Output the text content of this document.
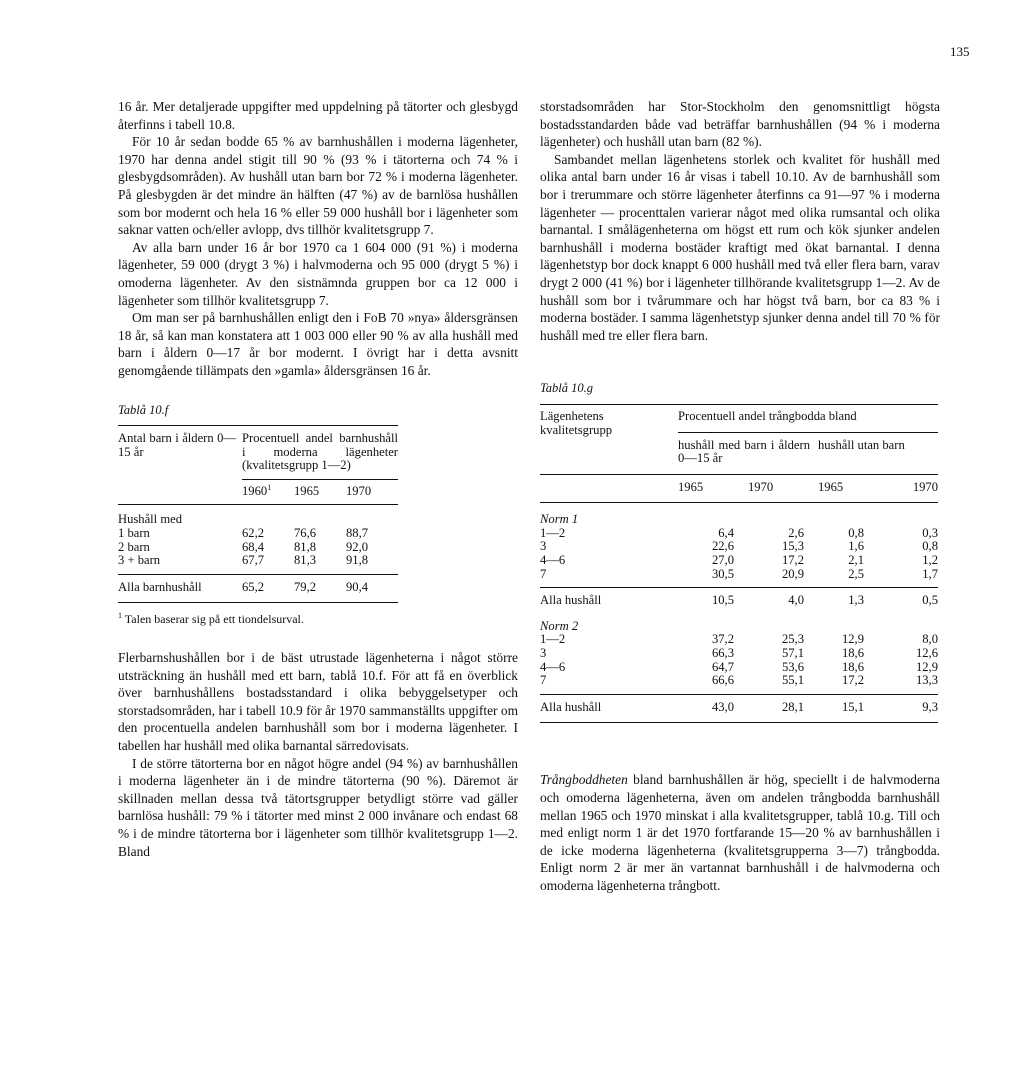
135

16 år. Mer detaljerade uppgifter med uppdelning på tätorter och glesbygd återfinns i tabell 10.8.

För 10 år sedan bodde 65 % av barnhushållen i moderna lägenheter, 1970 har denna andel stigit till 90 % (93 % i tätorterna och 74 % i glesbygdsområden). Av hushåll utan barn bor 72 % i moderna lägenheter. På glesbygden är det mindre än hälften (47 %) av de barnlösa hushållen som bor modernt och hela 16 % eller 59 000 hushåll bor i lägenheter som saknar vatten och/eller avlopp, dvs tillhör kvalitetsgrupp 7.

Av alla barn under 16 år bor 1970 ca 1 604 000 (91 %) i moderna lägenheter, 59 000 (drygt 3 %) i halvmoderna och 95 000 (drygt 5 %) i omoderna lägenheter. Av den sistnämnda gruppen bor ca 12 000 i lägenheter som tillhör kvalitetsgrupp 7.

Om man ser på barnhushållen enligt den i FoB 70 »nya» åldersgränsen 18 år, så kan man konstatera att 1 003 000 eller 90 % av alla hushåll med barn i åldern 0—17 år bor modernt. I övrigt har i detta avsnitt genomgående tillämpats den »gamla» åldersgränsen 16 år.

Tablå 10.f
Antal barn i åldern 0—15 år	Procentuell andel barnhushåll i moderna lägenheter (kvalitetsgrupp 1—2)		
	1960$^1$	1965	1970

Hushåll med			
1 barn	62,2	76,6	88,7
2 barn	68,4	81,8	92,0
3 + barn	67,7	81,3	91,8
Alla barnhushåll	65,2	79,2	90,4
$^1$ Talen baserar sig på ett tiondelsurval.

Flerbarnshushållen bor i de bäst utrustade lägenheterna i något större utsträckning än hushåll med ett barn, tablå 10.f. För att få en överblick över barnhushållens bostadsstandard i olika bebyggelsetyper och storstadsområden, har i tabell 10.9 för år 1970 sammanställts uppgifter om den procentuella andelen barnhushåll som bor i moderna lägenheter. I tabellen har hushåll med olika barnantal särredovisats.

I de större tätorterna bor en något högre andel (94 %) av barnhushållen i moderna lägenheter än i de mindre tätorterna (90 %). Däremot är skillnaden mellan dessa två tätortsgrupper betydligt större vad gäller barnlösa hushåll: 79 % i tätorter med minst 2 000 invånare och endast 68 % i de mindre tätorterna bor i lägenheter som tillhör kvalitetsgrupp 1—2. Bland

storstadsområden har Stor-Stockholm den genomsnittligt högsta bostadsstandarden både vad beträffar barnhushållen (94 % i moderna lägenheter) och hushåll utan barn (82 %).

Sambandet mellan lägenhetens storlek och kvalitet för hushåll med olika antal barn under 16 år visas i tabell 10.10. Av de barnhushåll som bor i trerummare och större lägenheter återfinns ca 91—97 % i moderna lägenheter — procenttalen varierar något med olika rumsantal och olika barnantal. I smålägenheterna om högst ett rum och kök sjunker andelen barnhushåll i moderna bostäder kraftigt med ökat barnantal. I denna lägenhetstyp bor dock knappt 6 000 hushåll med två eller flera barn, varav drygt 2 000 (41 %) bor i lägenheter tillhörande kvalitetsgrupp 1—2. Av de hushåll som bor i tvårummare och har högst två barn, bor ca 83 % i moderna bostäder. I samma lägenhetstyp sjunker denna andel till 70 % för hushåll med tre eller flera barn.

Tablå 10.g
Lägenhetens kvalitetsgrupp	Procentuell andel trångbodda bland			
	hushåll med barn i åldern 0—15 år		hushåll utan barn	
	1965	1970	1965	1970

Norm 1				
1—2	6,4	2,6	0,8	0,3
3	22,6	15,3	1,6	0,8
4—6	27,0	17,2	2,1	1,2
7	30,5	20,9	2,5	1,7
Alla hushåll	10,5	4,0	1,3	0,5
Norm 2				
1—2	37,2	25,3	12,9	8,0
3	66,3	57,1	18,6	12,6
4—6	64,7	53,6	18,6	12,9
7	66,6	55,1	17,2	13,3
Alla hushåll	43,0	28,1	15,1	9,3

Trångboddheten bland barnhushållen är hög, speciellt i de halvmoderna och omoderna lägenheterna, även om andelen trångbodda barnhushåll mellan 1965 och 1970 minskat i alla kvalitetsgrupper, tablå 10.g. Till och med enligt norm 1 är det 1970 fortfarande 15—20 % av barnhushållen i de icke moderna lägenheterna (kvalitetsgrupperna 3—7) trångbodda. Enligt norm 2 är mer än vartannat barnhushåll i de halvmoderna och omoderna lägenheterna trångbott.
